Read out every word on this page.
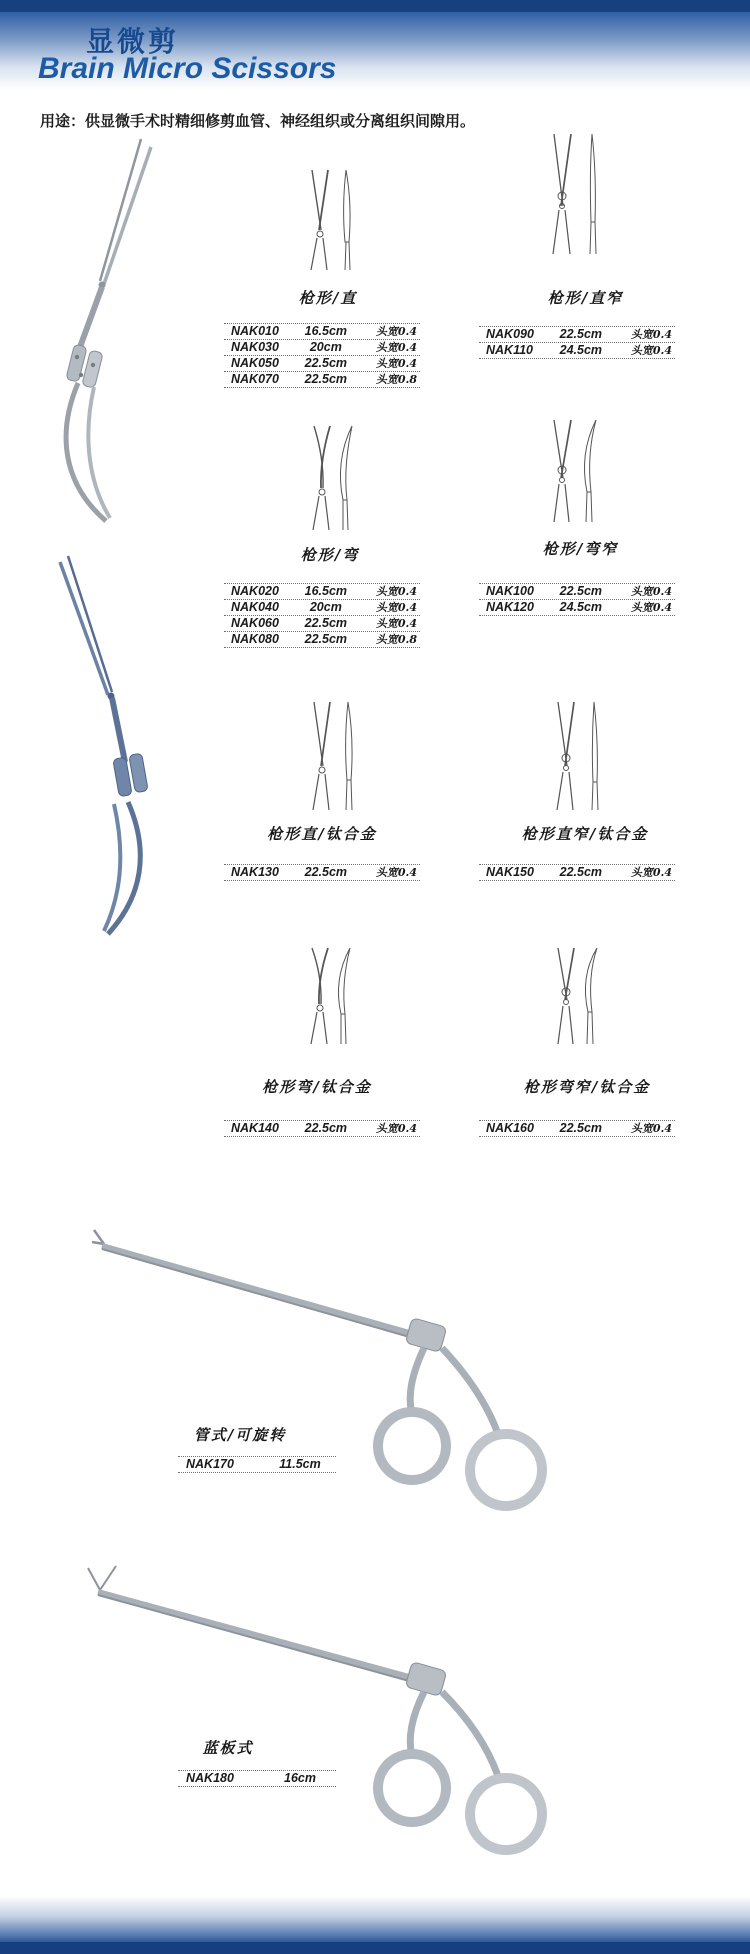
显微剪
Brain Micro Scissors
用途：供显微手术时精细修剪血管、神经组织或分离组织间隙用。
枪形/直	枪形/直窄
枪形/弯	枪形/弯窄
枪形直/钛合金	枪形直窄/钛合金
枪形弯/钛合金	枪形弯窄/钛合金
NAK010	16.5cm	头宽0.4
NAK030	20cm	头宽0.4
NAK050	22.5cm	头宽0.4
NAK070	22.5cm	头宽0.8
NAK090	22.5cm	头宽0.4
NAK110	24.5cm	头宽0.4
NAK020	16.5cm	头宽0.4
NAK040	20cm	头宽0.4
NAK060	22.5cm	头宽0.4
NAK080	22.5cm	头宽0.8
NAK100	22.5cm	头宽0.4
NAK120	24.5cm	头宽0.4
NAK130	22.5cm	头宽0.4	NAK150	22.5cm	头宽0.4
NAK140	22.5cm	头宽0.4	NAK160	22.5cm	头宽0.4
管式/可旋转
NAK170	11.5cm
蓝板式
NAK180	16cm
